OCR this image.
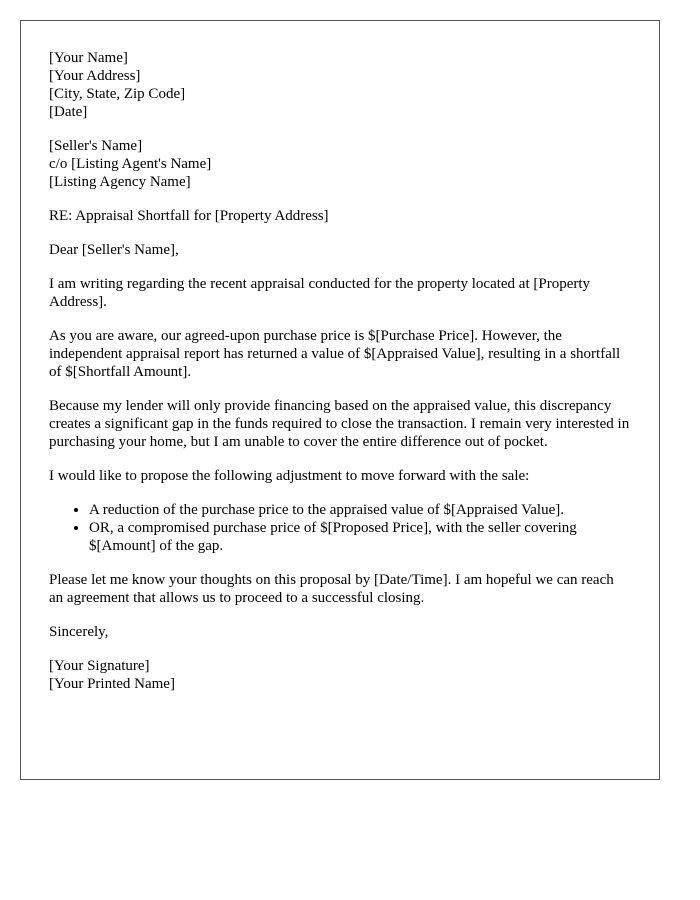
[Your Name]
[Your Address]
[City, State, Zip Code]
[Date]
[Seller's Name]
c/o [Listing Agent's Name]
[Listing Agency Name]

RE: Appraisal Shortfall for [Property Address]

Dear [Seller's Name],

I am writing regarding the recent appraisal conducted for the property located at [Property Address].

As you are aware, our agreed-upon purchase price is $[Purchase Price]. However, the independent appraisal report has returned a value of $[Appraised Value], resulting in a shortfall of $[Shortfall Amount].

Because my lender will only provide financing based on the appraised value, this discrepancy creates a significant gap in the funds required to close the transaction. I remain very interested in purchasing your home, but I am unable to cover the entire difference out of pocket.

I would like to propose the following adjustment to move forward with the sale:

• A reduction of the purchase price to the appraised value of $[Appraised Value].
• OR, a compromised purchase price of $[Proposed Price], with the seller covering $[Amount] of the gap.

Please let me know your thoughts on this proposal by [Date/Time]. I am hopeful we can reach an agreement that allows us to proceed to a successful closing.

Sincerely,

[Your Signature]
[Your Printed Name]
